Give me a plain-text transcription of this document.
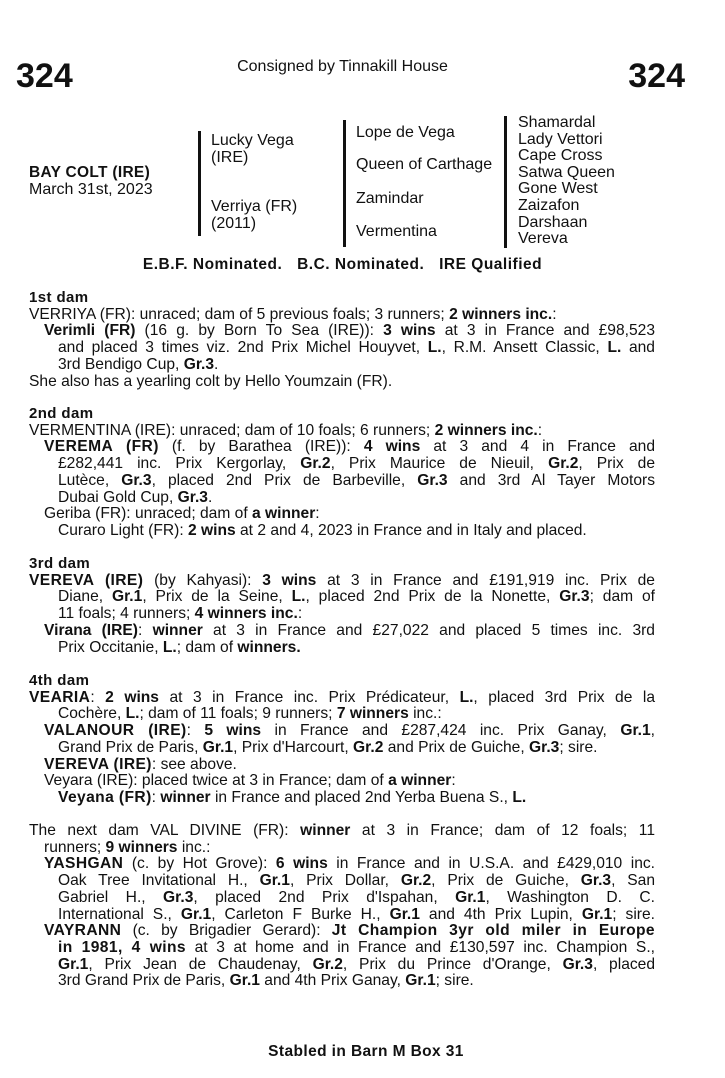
324	Consigned by Tinnakill House	324
BAY COLT (IRE)
March 31st, 2023
Lucky Vega
(IRE)
Verriya (FR)
(2011)
Lope de Vega
Queen of Carthage
Zamindar
Vermentina
Shamardal
Lady Vettori
Cape Cross
Satwa Queen
Gone West
Zaizafon
Darshaan
Vereva
E.B.F. Nominated. B.C. Nominated. IRE Qualified
1st dam
VERRIYA (FR): unraced; dam of 5 previous foals; 3 runners; 2 winners inc.:
Verimli (FR) (16 g. by Born To Sea (IRE)): 3 wins at 3 in France and £98,523
and placed 3 times viz. 2nd Prix Michel Houyvet, L., R.M. Ansett Classic, L. and
3rd Bendigo Cup, Gr.3.
She also has a yearling colt by Hello Youmzain (FR).
2nd dam
VERMENTINA (IRE): unraced; dam of 10 foals; 6 runners; 2 winners inc.:
VEREMA (FR) (f. by Barathea (IRE)): 4 wins at 3 and 4 in France and
£282,441 inc. Prix Kergorlay, Gr.2, Prix Maurice de Nieuil, Gr.2, Prix de
Lutèce, Gr.3, placed 2nd Prix de Barbeville, Gr.3 and 3rd Al Tayer Motors
Dubai Gold Cup, Gr.3.
Geriba (FR): unraced; dam of a winner:
Curaro Light (FR): 2 wins at 2 and 4, 2023 in France and in Italy and placed.
3rd dam
VEREVA (IRE) (by Kahyasi): 3 wins at 3 in France and £191,919 inc. Prix de
Diane, Gr.1, Prix de la Seine, L., placed 2nd Prix de la Nonette, Gr.3; dam of
11 foals; 4 runners; 4 winners inc.:
Virana (IRE): winner at 3 in France and £27,022 and placed 5 times inc. 3rd
Prix Occitanie, L.; dam of winners.
4th dam
VEARIA: 2 wins at 3 in France inc. Prix Prédicateur, L., placed 3rd Prix de la
Cochère, L.; dam of 11 foals; 9 runners; 7 winners inc.:
VALANOUR (IRE): 5 wins in France and £287,424 inc. Prix Ganay, Gr.1,
Grand Prix de Paris, Gr.1, Prix d'Harcourt, Gr.2 and Prix de Guiche, Gr.3; sire.
VEREVA (IRE): see above.
Veyara (IRE): placed twice at 3 in France; dam of a winner:
Veyana (FR): winner in France and placed 2nd Yerba Buena S., L.
The next dam VAL DIVINE (FR): winner at 3 in France; dam of 12 foals; 11
runners; 9 winners inc.:
YASHGAN (c. by Hot Grove): 6 wins in France and in U.S.A. and £429,010 inc.
Oak Tree Invitational H., Gr.1, Prix Dollar, Gr.2, Prix de Guiche, Gr.3, San
Gabriel H., Gr.3, placed 2nd Prix d'Ispahan, Gr.1, Washington D. C.
International S., Gr.1, Carleton F Burke H., Gr.1 and 4th Prix Lupin, Gr.1; sire.
VAYRANN (c. by Brigadier Gerard): Jt Champion 3yr old miler in Europe
in 1981, 4 wins at 3 at home and in France and £130,597 inc. Champion S.,
Gr.1, Prix Jean de Chaudenay, Gr.2, Prix du Prince d'Orange, Gr.3, placed
3rd Grand Prix de Paris, Gr.1 and 4th Prix Ganay, Gr.1; sire.
Stabled in Barn M Box 31
